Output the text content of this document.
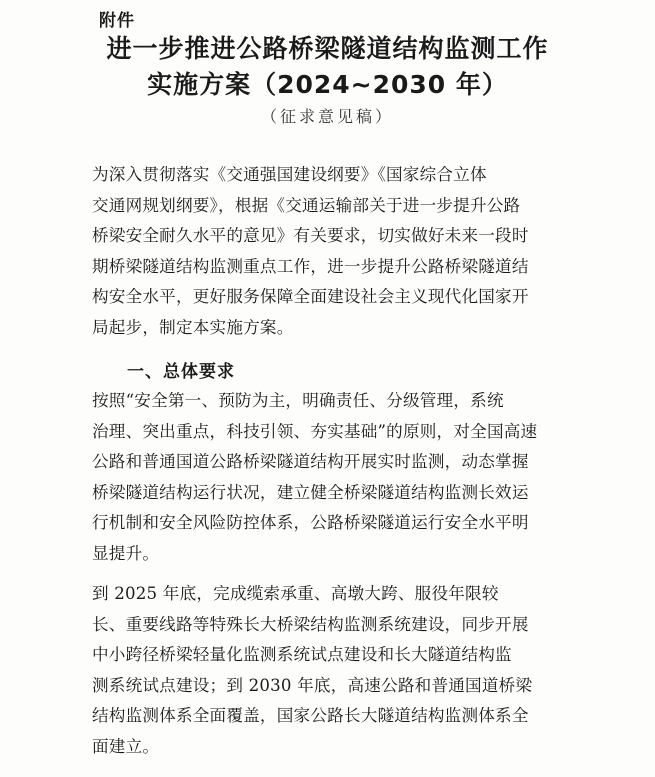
附件
进一步推进公路桥梁隧道结构监测工作
实施方案（2024~2030 年）
（征求意见稿）
为深入贯彻落实《交通强国建设纲要》《国家综合立体
交通网规划纲要》，根据《交通运输部关于进一步提升公路
桥梁安全耐久水平的意见》有关要求，切实做好未来一段时
期桥梁隧道结构监测重点工作，进一步提升公路桥梁隧道结
构安全水平，更好服务保障全面建设社会主义现代化国家开
局起步，制定本实施方案。
一、总体要求
按照“安全第一、预防为主，明确责任、分级管理，系统
治理、突出重点，科技引领、夯实基础”的原则，对全国高速
公路和普通国道公路桥梁隧道结构开展实时监测，动态掌握
桥梁隧道结构运行状况，建立健全桥梁隧道结构监测长效运
行机制和安全风险防控体系，公路桥梁隧道运行安全水平明
显提升。
到 2025 年底，完成缆索承重、高墩大跨、服役年限较
长、重要线路等特殊长大桥梁结构监测系统建设，同步开展
中小跨径桥梁轻量化监测系统试点建设和长大隧道结构监
测系统试点建设；到 2030 年底，高速公路和普通国道桥梁
结构监测体系全面覆盖，国家公路长大隧道结构监测体系全
面建立。
